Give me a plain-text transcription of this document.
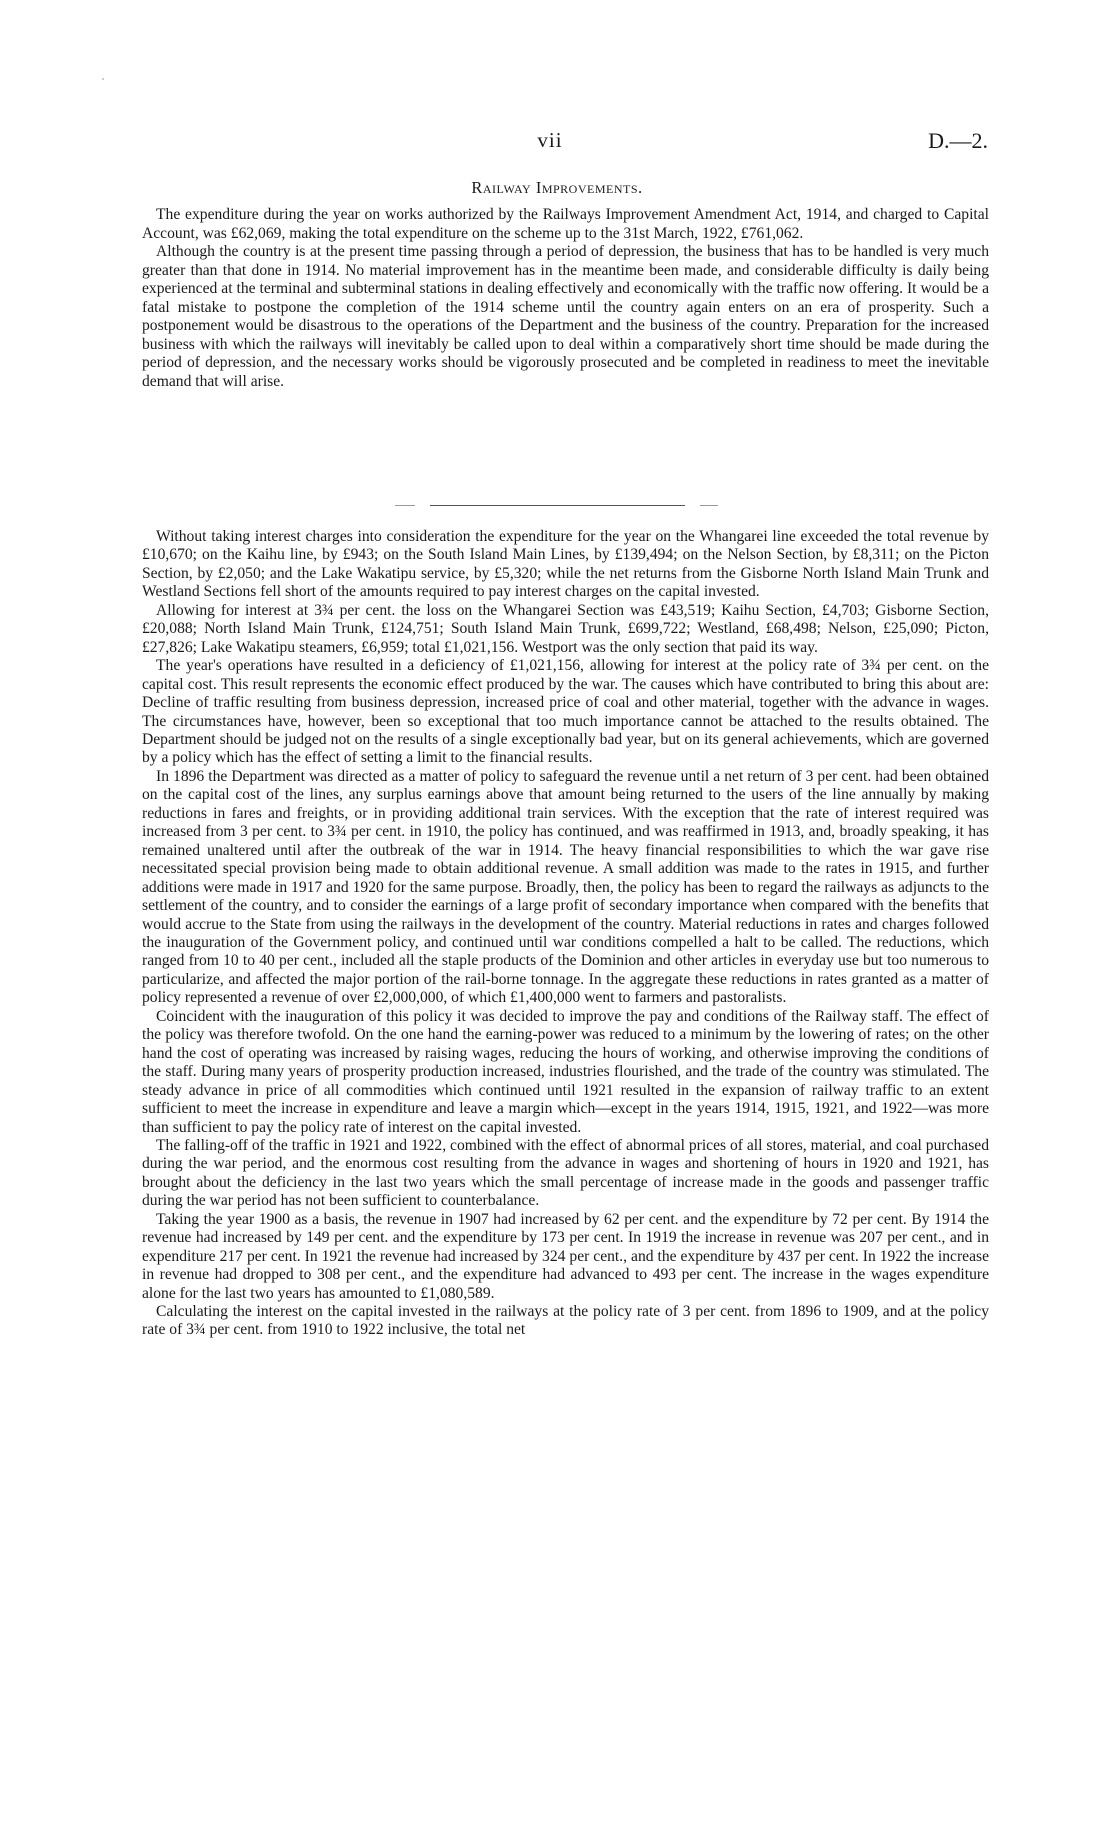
vii	D.—2.
Railway Improvements.

The expenditure during the year on works authorized by the Railways Improvement Amendment Act, 1914, and charged to Capital Account, was £62,069, making the total expenditure on the scheme up to the 31st March, 1922, £761,062.

Although the country is at the present time passing through a period of depression, the business that has to be handled is very much greater than that done in 1914. No material improvement has in the meantime been made, and considerable difficulty is daily being experienced at the terminal and subterminal stations in dealing effectively and economically with the traffic now offering. It would be a fatal mistake to postpone the completion of the 1914 scheme until the country again enters on an era of prosperity. Such a postponement would be disastrous to the operations of the Department and the business of the country. Preparation for the increased business with which the railways will inevitably be called upon to deal within a comparatively short time should be made during the period of depression, and the necessary works should be vigorously prosecuted and be completed in readiness to meet the inevitable demand that will arise.

Without taking interest charges into consideration the expenditure for the year on the Whangarei line exceeded the total revenue by £10,670; on the Kaihu line, by £943; on the South Island Main Lines, by £139,494; on the Nelson Section, by £8,311; on the Picton Section, by £2,050; and the Lake Wakatipu service, by £5,320; while the net returns from the Gisborne North Island Main Trunk and Westland Sections fell short of the amounts required to pay interest charges on the capital invested.

Allowing for interest at 3¾ per cent. the loss on the Whangarei Section was £43,519; Kaihu Section, £4,703; Gisborne Section, £20,088; North Island Main Trunk, £124,751; South Island Main Trunk, £699,722; Westland, £68,498; Nelson, £25,090; Picton, £27,826; Lake Wakatipu steamers, £6,959; total £1,021,156. Westport was the only section that paid its way.

The year's operations have resulted in a deficiency of £1,021,156, allowing for interest at the policy rate of 3¾ per cent. on the capital cost. This result represents the economic effect produced by the war. The causes which have contributed to bring this about are: Decline of traffic resulting from business depression, increased price of coal and other material, together with the advance in wages. The circumstances have, however, been so exceptional that too much importance cannot be attached to the results obtained. The Department should be judged not on the results of a single exceptionally bad year, but on its general achievements, which are governed by a policy which has the effect of setting a limit to the financial results.

In 1896 the Department was directed as a matter of policy to safeguard the revenue until a net return of 3 per cent. had been obtained on the capital cost of the lines, any surplus earnings above that amount being returned to the users of the line annually by making reductions in fares and freights, or in providing additional train services. With the exception that the rate of interest required was increased from 3 per cent. to 3¾ per cent. in 1910, the policy has continued, and was reaffirmed in 1913, and, broadly speaking, it has remained unaltered until after the outbreak of the war in 1914. The heavy financial responsibilities to which the war gave rise necessitated special provision being made to obtain additional revenue. A small addition was made to the rates in 1915, and further additions were made in 1917 and 1920 for the same purpose. Broadly, then, the policy has been to regard the railways as adjuncts to the settlement of the country, and to consider the earnings of a large profit of secondary importance when compared with the benefits that would accrue to the State from using the railways in the development of the country. Material reductions in rates and charges followed the inauguration of the Government policy, and continued until war conditions compelled a halt to be called. The reductions, which ranged from 10 to 40 per cent., included all the staple products of the Dominion and other articles in everyday use but too numerous to particularize, and affected the major portion of the rail-borne tonnage. In the aggregate these reductions in rates granted as a matter of policy represented a revenue of over £2,000,000, of which £1,400,000 went to farmers and pastoralists.

Coincident with the inauguration of this policy it was decided to improve the pay and conditions of the Railway staff. The effect of the policy was therefore twofold. On the one hand the earning-power was reduced to a minimum by the lowering of rates; on the other hand the cost of operating was increased by raising wages, reducing the hours of working, and otherwise improving the conditions of the staff. During many years of prosperity production increased, industries flourished, and the trade of the country was stimulated. The steady advance in price of all commodities which continued until 1921 resulted in the expansion of railway traffic to an extent sufficient to meet the increase in expenditure and leave a margin which—except in the years 1914, 1915, 1921, and 1922—was more than sufficient to pay the policy rate of interest on the capital invested.

The falling-off of the traffic in 1921 and 1922, combined with the effect of abnormal prices of all stores, material, and coal purchased during the war period, and the enormous cost resulting from the advance in wages and shortening of hours in 1920 and 1921, has brought about the deficiency in the last two years which the small percentage of increase made in the goods and passenger traffic during the war period has not been sufficient to counterbalance.

Taking the year 1900 as a basis, the revenue in 1907 had increased by 62 per cent. and the expenditure by 72 per cent. By 1914 the revenue had increased by 149 per cent. and the expenditure by 173 per cent. In 1919 the increase in revenue was 207 per cent., and in expenditure 217 per cent. In 1921 the revenue had increased by 324 per cent., and the expenditure by 437 per cent. In 1922 the increase in revenue had dropped to 308 per cent., and the expenditure had advanced to 493 per cent. The increase in the wages expenditure alone for the last two years has amounted to £1,080,589.

Calculating the interest on the capital invested in the railways at the policy rate of 3 per cent. from 1896 to 1909, and at the policy rate of 3¾ per cent. from 1910 to 1922 inclusive, the total net
